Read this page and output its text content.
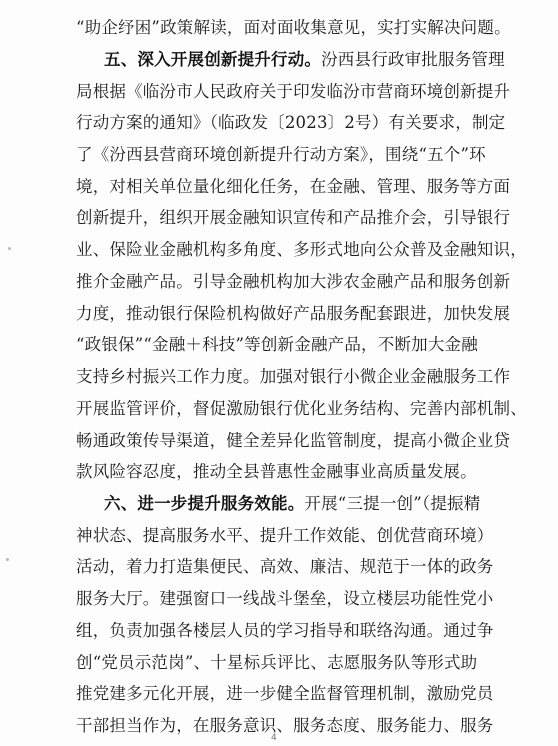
“助企纾困”政策解读，面对面收集意见，实打实解决问题。
五、深入开展创新提升行动。汾西县行政审批服务管理
局根据《临汾市人民政府关于印发临汾市营商环境创新提升
行动方案的通知》（临政发〔2023〕2号）有关要求，制定
了《汾西县营商环境创新提升行动方案》，围绕“五个”环
境，对相关单位量化细化任务，在金融、管理、服务等方面
创新提升，组织开展金融知识宣传和产品推介会，引导银行
业、保险业金融机构多角度、多形式地向公众普及金融知识，
推介金融产品。引导金融机构加大涉农金融产品和服务创新
力度，推动银行保险机构做好产品服务配套跟进，加快发展
“政银保”“金融＋科技”等创新金融产品，不断加大金融
支持乡村振兴工作力度。加强对银行小微企业金融服务工作
开展监管评价，督促激励银行优化业务结构、完善内部机制、
畅通政策传导渠道，健全差异化监管制度，提高小微企业贷
款风险容忍度，推动全县普惠性金融事业高质量发展。
六、进一步提升服务效能。开展“三提一创”（提振精
神状态、提高服务水平、提升工作效能、创优营商环境）
活动，着力打造集便民、高效、廉洁、规范于一体的政务
服务大厅。建强窗口一线战斗堡垒，设立楼层功能性党小
组，负责加强各楼层人员的学习指导和联络沟通。通过争
创“党员示范岗”、十星标兵评比、志愿服务队等形式助
推党建多元化开展，进一步健全监督管理机制，激励党员
干部担当作为，在服务意识、服务态度、服务能力、服务
4
